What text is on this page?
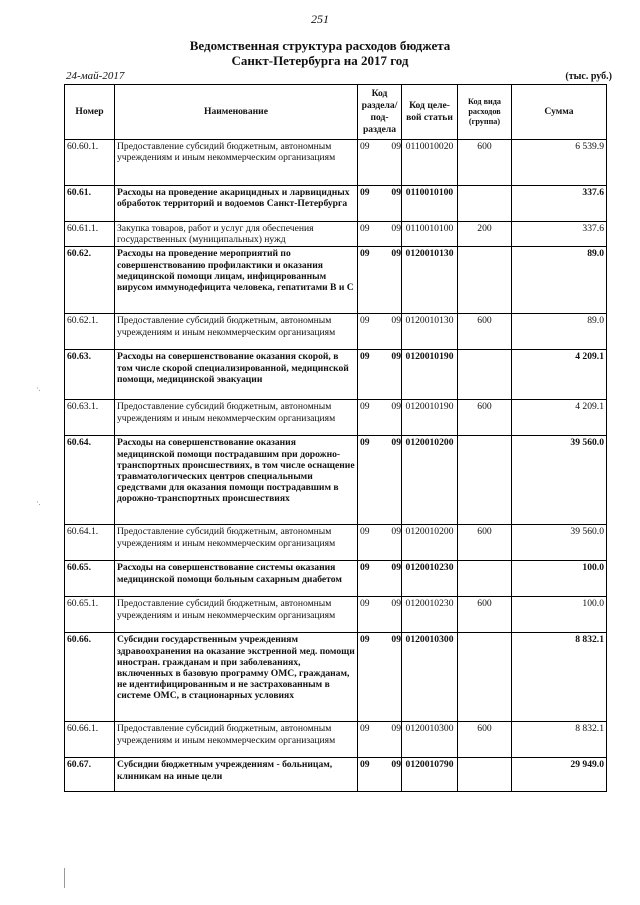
251
Ведомственная структура расходов бюджета
Санкт-Петербурга на 2017 год
24-май-2017	(тыс. руб.)
Номер	Наименование	Код раздела/ под-раздела	Код целе-вой статьи	Код вида расходов (группа)	Сумма
60.60.1.	Предоставление субсидий бюджетным, автономным учреждениям и иным некоммерческим организациям	09 09	0110010020	600	6 539.9
60.61.	Расходы на проведение акарицидных и ларвицидных обработок территорий и водоемов Санкт-Петербурга	09 09	0110010100		337.6
60.61.1.	Закупка товаров, работ и услуг для обеспечения государственных (муниципальных) нужд	09 09	0110010100	200	337.6
60.62.	Расходы на проведение мероприятий по совершенствованию профилактики и оказания медицинской помощи лицам, инфицированным вирусом иммунодефицита человека, гепатитами В и С	09 09	0120010130		89.0
60.62.1.	Предоставление субсидий бюджетным, автономным учреждениям и иным некоммерческим организациям	09 09	0120010130	600	89.0
60.63.	Расходы на совершенствование оказания скорой, в том числе скорой специализированной, медицинской помощи, медицинской эвакуации	09 09	0120010190		4 209.1
60.63.1.	Предоставление субсидий бюджетным, автономным учреждениям и иным некоммерческим организациям	09 09	0120010190	600	4 209.1
60.64.	Расходы на совершенствование оказания медицинской помощи пострадавшим при дорожно-транспортных происшествиях, в том числе оснащение травматологических центров специальными средствами для оказания помощи пострадавшим в дорожно-транспортных происшествиях	09 09	0120010200		39 560.0
60.64.1.	Предоставление субсидий бюджетным, автономным учреждениям и иным некоммерческим организациям	09 09	0120010200	600	39 560.0
60.65.	Расходы на совершенствование системы оказания медицинской помощи больным сахарным диабетом	09 09	0120010230		100.0
60.65.1.	Предоставление субсидий бюджетным, автономным учреждениям и иным некоммерческим организациям	09 09	0120010230	600	100.0
60.66.	Субсидии государственным учреждениям здравоохранения на оказание экстренной мед. помощи иностран. гражданам и при заболеваниях, включенных в базовую программу ОМС, гражданам, не идентифицированным и не застрахованным в системе ОМС, в стационарных условиях	09 09	0120010300		8 832.1
60.66.1.	Предоставление субсидий бюджетным, автономным учреждениям и иным некоммерческим организациям	09 09	0120010300	600	8 832.1
60.67.	Субсидии бюджетным учреждениям - больницам, клиникам на иные цели	09 09	0120010790		29 949.0
·.
·.
